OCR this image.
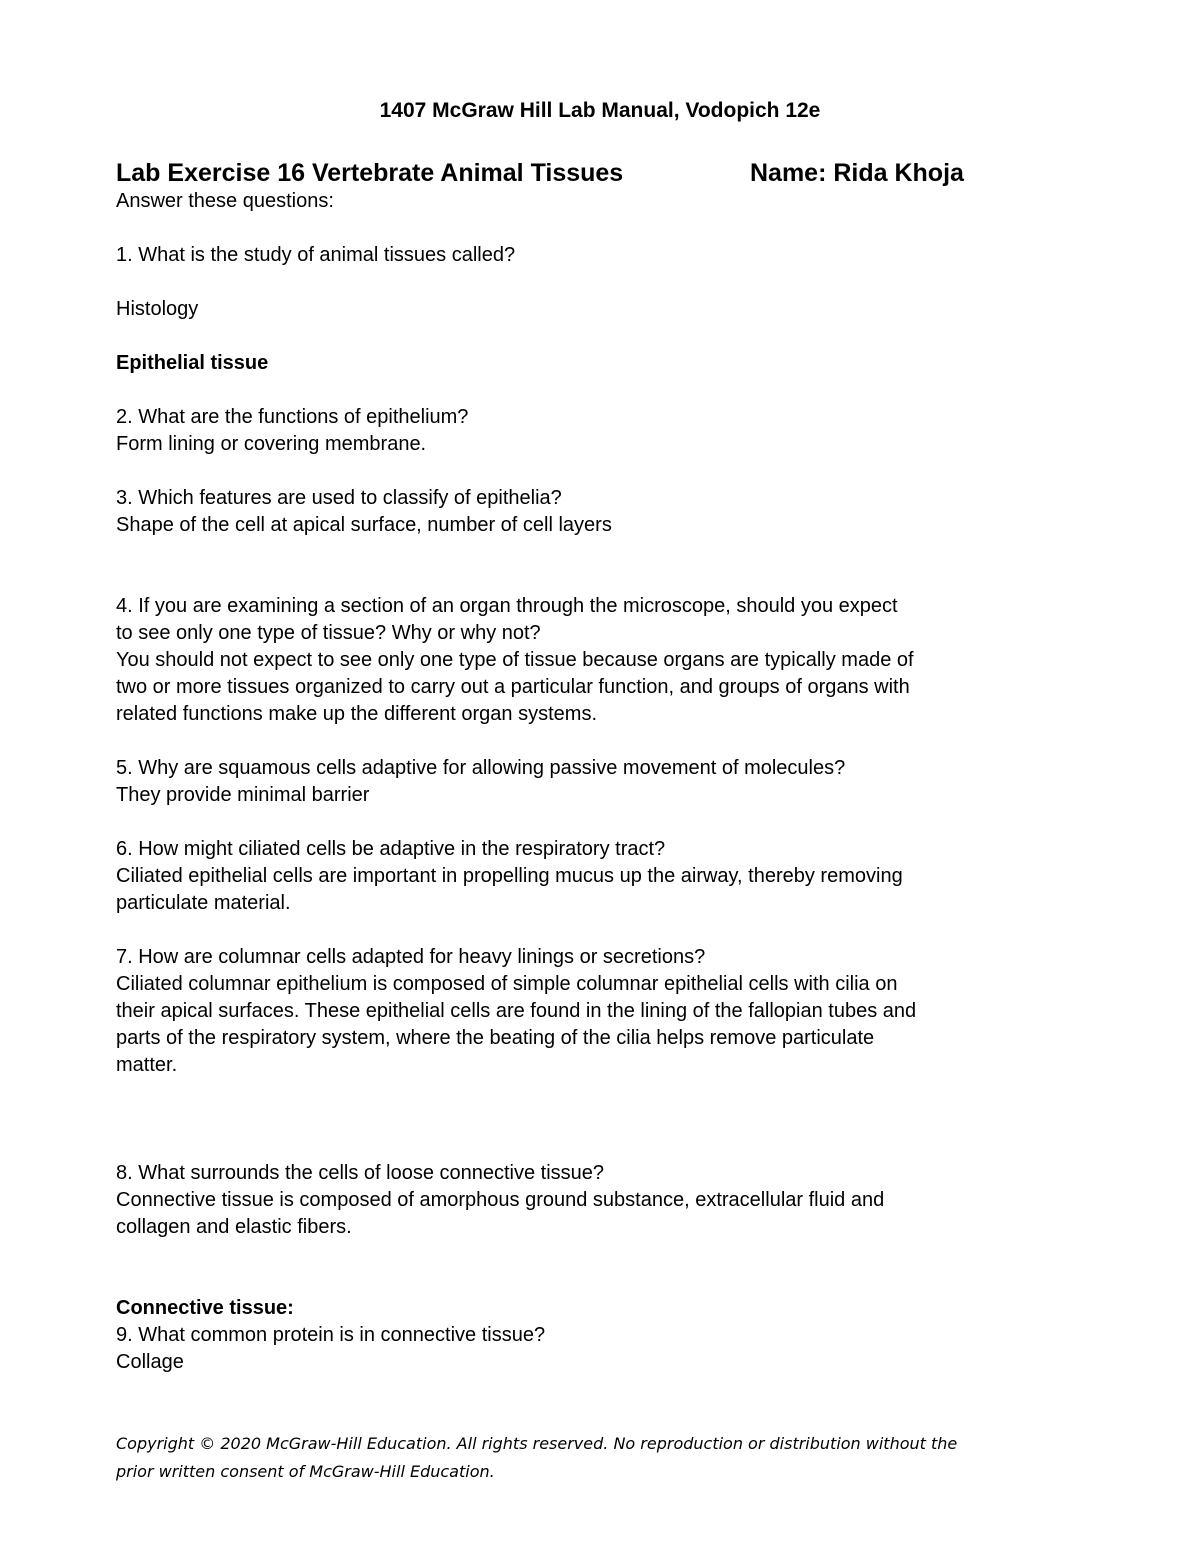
1407 McGraw Hill Lab Manual, Vodopich 12e
Lab Exercise 16 Vertebrate Animal Tissues	Name: Rida Khoja

Answer these questions:

1. What is the study of animal tissues called?

Histology

Epithelial tissue

2. What are the functions of epithelium?

Form lining or covering membrane.

3. Which features are used to classify of epithelia?

Shape of the cell at apical surface, number of cell layers

4. If you are examining a section of an organ through the microscope, should you expect

to see only one type of tissue? Why or why not?

You should not expect to see only one type of tissue because organs are typically made of

two or more tissues organized to carry out a particular function, and groups of organs with

related functions make up the different organ systems.

5. Why are squamous cells adaptive for allowing passive movement of molecules?

They provide minimal barrier

6. How might ciliated cells be adaptive in the respiratory tract?

Ciliated epithelial cells are important in propelling mucus up the airway, thereby removing

particulate material.

7. How are columnar cells adapted for heavy linings or secretions?

Ciliated columnar epithelium is composed of simple columnar epithelial cells with cilia on

their apical surfaces. These epithelial cells are found in the lining of the fallopian tubes and

parts of the respiratory system, where the beating of the cilia helps remove particulate

matter.

8. What surrounds the cells of loose connective tissue?

Connective tissue is composed of amorphous ground substance, extracellular fluid and

collagen and elastic fibers.

Connective tissue:

9. What common protein is in connective tissue?

Collage

Copyright © 2020 McGraw-Hill Education. All rights reserved. No reproduction or distribution without the
prior written consent of McGraw-Hill Education.
